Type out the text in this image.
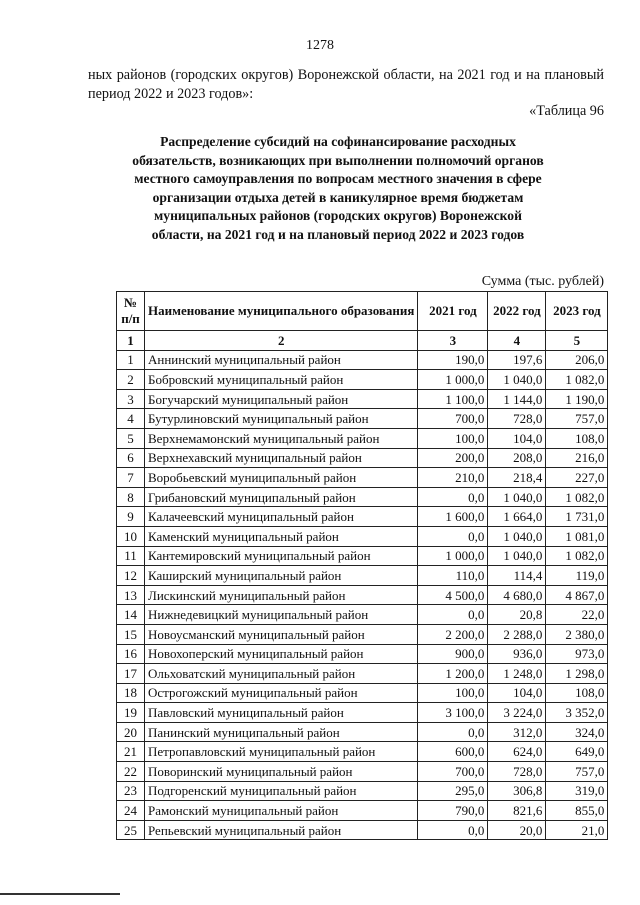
1278
ных районов (городских округов) Воронежской области, на 2021 год и на плановый период 2022 и 2023 годов»:
«Таблица 96
Распределение субсидий на софинансирование расходных обязательств, возникающих при выполнении полномочий органов местного самоуправления по вопросам местного значения в сфере организации отдыха детей в каникулярное время бюджетам муниципальных районов (городских округов) Воронежской области, на 2021 год и на плановый период 2022 и 2023 годов
Сумма (тыс. рублей)
№ п/п	Наименование муниципального образования	2021 год	2022 год	2023 год
1	2	3	4	5
1	Аннинский муниципальный район	190,0	197,6	206,0
2	Бобровский муниципальный район	1 000,0	1 040,0	1 082,0
3	Богучарский муниципальный район	1 100,0	1 144,0	1 190,0
4	Бутурлиновский муниципальный район	700,0	728,0	757,0
5	Верхнемамонский муниципальный район	100,0	104,0	108,0
6	Верхнехавский муниципальный район	200,0	208,0	216,0
7	Воробьевский муниципальный район	210,0	218,4	227,0
8	Грибановский муниципальный район	0,0	1 040,0	1 082,0
9	Калачеевский муниципальный район	1 600,0	1 664,0	1 731,0
10	Каменский муниципальный район	0,0	1 040,0	1 081,0
11	Кантемировский муниципальный район	1 000,0	1 040,0	1 082,0
12	Каширский муниципальный район	110,0	114,4	119,0
13	Лискинский муниципальный район	4 500,0	4 680,0	4 867,0
14	Нижнедевицкий муниципальный район	0,0	20,8	22,0
15	Новоусманский муниципальный район	2 200,0	2 288,0	2 380,0
16	Новохоперский муниципальный район	900,0	936,0	973,0
17	Ольховатский муниципальный район	1 200,0	1 248,0	1 298,0
18	Острогожский муниципальный район	100,0	104,0	108,0
19	Павловский муниципальный район	3 100,0	3 224,0	3 352,0
20	Панинский муниципальный район	0,0	312,0	324,0
21	Петропавловский муниципальный район	600,0	624,0	649,0
22	Поворинский муниципальный район	700,0	728,0	757,0
23	Подгоренский муниципальный район	295,0	306,8	319,0
24	Рамонский муниципальный район	790,0	821,6	855,0
25	Репьевский муниципальный район	0,0	20,0	21,0
